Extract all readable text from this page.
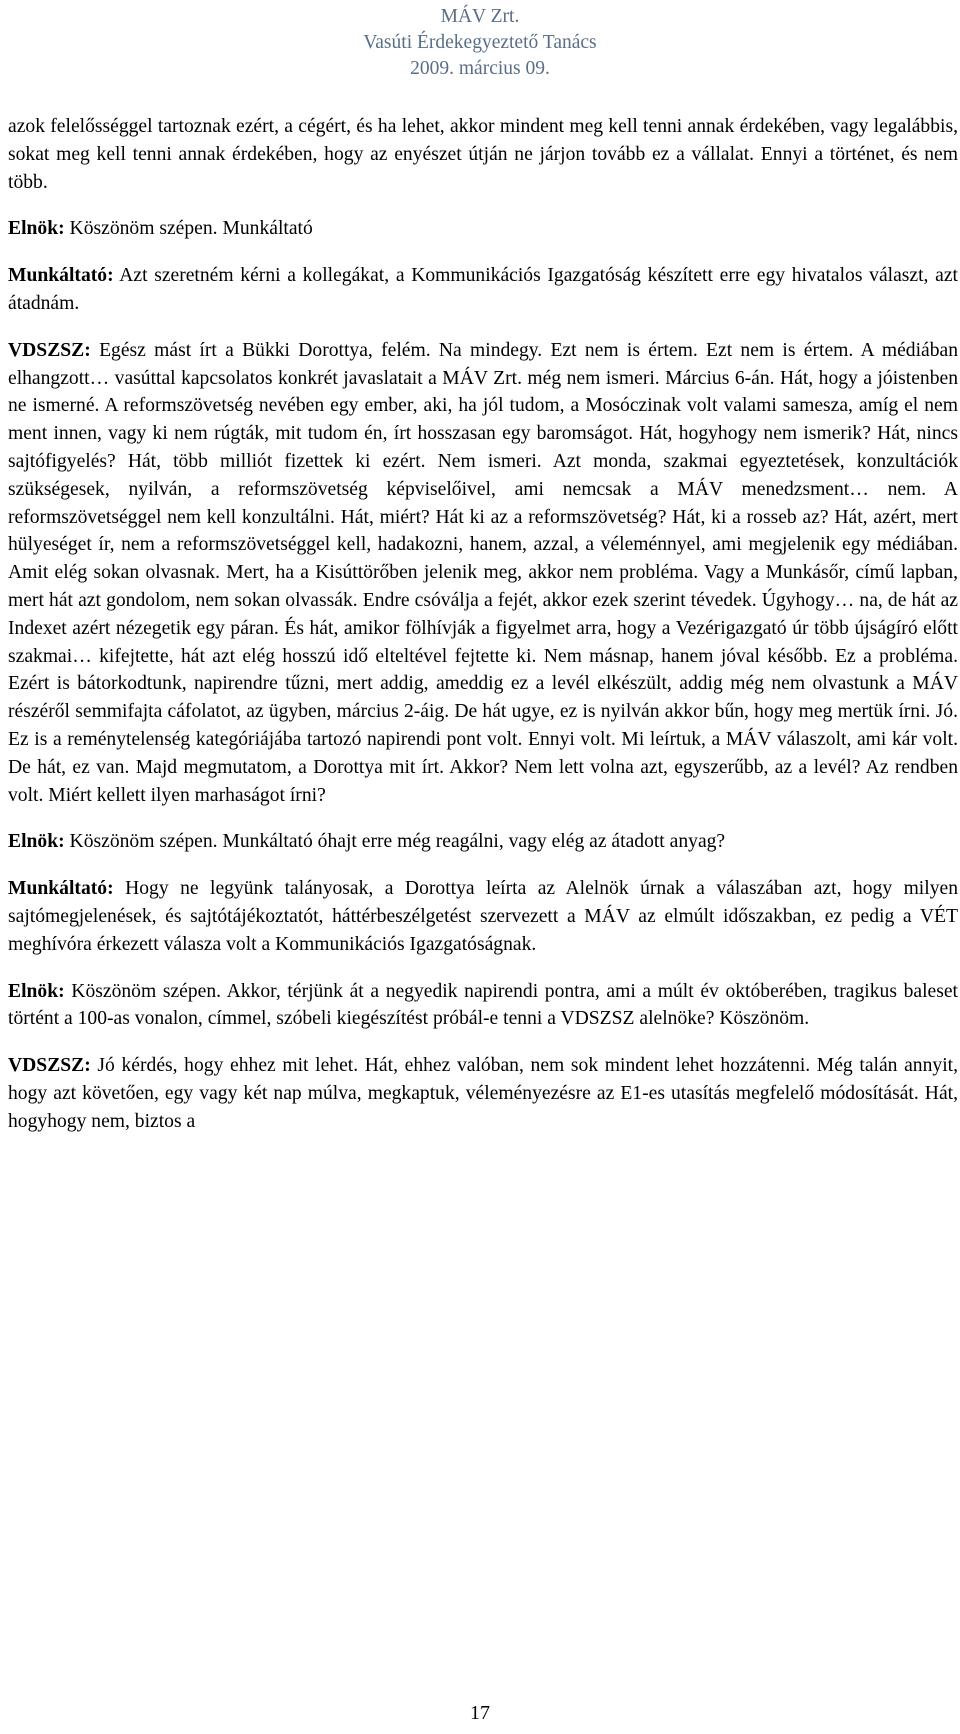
MÁV Zrt.
Vasúti Érdekegyeztető Tanács
2009. március 09.

azok felelősséggel tartoznak ezért, a cégért, és ha lehet, akkor mindent meg kell tenni annak érdekében, vagy legalábbis, sokat meg kell tenni annak érdekében, hogy az enyészet útján ne járjon tovább ez a vállalat. Ennyi a történet, és nem több.

Elnök: Köszönöm szépen. Munkáltató

Munkáltató: Azt szeretném kérni a kollegákat, a Kommunikációs Igazgatóság készített erre egy hivatalos választ, azt átadnám.

VDSZSZ: Egész mást írt a Bükki Dorottya, felém. Na mindegy. Ezt nem is értem. Ezt nem is értem. A médiában elhangzott… vasúttal kapcsolatos konkrét javaslatait a MÁV Zrt. még nem ismeri. Március 6-án. Hát, hogy a jóistenben ne ismerné. A reformszövetség nevében egy ember, aki, ha jól tudom, a Mosóczinak volt valami samesza, amíg el nem ment innen, vagy ki nem rúgták, mit tudom én, írt hosszasan egy baromságot. Hát, hogyhogy nem ismerik? Hát, nincs sajtófigyelés? Hát, több milliót fizettek ki ezért. Nem ismeri. Azt monda, szakmai egyeztetések, konzultációk szükségesek, nyilván, a reformszövetség képviselőivel, ami nemcsak a MÁV menedzsment… nem. A reformszövetséggel nem kell konzultálni. Hát, miért? Hát ki az a reformszövetség? Hát, ki a rosseb az? Hát, azért, mert hülyeséget ír, nem a reformszövetséggel kell, hadakozni, hanem, azzal, a véleménnyel, ami megjelenik egy médiában. Amit elég sokan olvasnak. Mert, ha a Kisúttörőben jelenik meg, akkor nem probléma. Vagy a Munkásőr, című lapban, mert hát azt gondolom, nem sokan olvassák. Endre csóválja a fejét, akkor ezek szerint tévedek. Úgyhogy… na, de hát az Indexet azért nézegetik egy páran. És hát, amikor fölhívják a figyelmet arra, hogy a Vezérigazgató úr több újságíró előtt szakmai… kifejtette, hát azt elég hosszú idő elteltével fejtette ki. Nem másnap, hanem jóval később. Ez a probléma. Ezért is bátorkodtunk, napirendre tűzni, mert addig, ameddig ez a levél elkészült, addig még nem olvastunk a MÁV részéről semmifajta cáfolatot, az ügyben, március 2-áig. De hát ugye, ez is nyilván akkor bűn, hogy meg mertük írni. Jó. Ez is a reménytelenség kategóriájába tartozó napirendi pont volt. Ennyi volt. Mi leírtuk, a MÁV válaszolt, ami kár volt. De hát, ez van. Majd megmutatom, a Dorottya mit írt. Akkor? Nem lett volna azt, egyszerűbb, az a levél? Az rendben volt. Miért kellett ilyen marhaságot írni?

Elnök: Köszönöm szépen. Munkáltató óhajt erre még reagálni, vagy elég az átadott anyag?

Munkáltató: Hogy ne legyünk talányosak, a Dorottya leírta az Alelnök úrnak a válaszában azt, hogy milyen sajtómegjelenések, és sajtótájékoztatót, háttérbeszélgetést szervezett a MÁV az elmúlt időszakban, ez pedig a VÉT meghívóra érkezett válasza volt a Kommunikációs Igazgatóságnak.

Elnök: Köszönöm szépen. Akkor, térjünk át a negyedik napirendi pontra, ami a múlt év októberében, tragikus baleset történt a 100-as vonalon, címmel, szóbeli kiegészítést próbál-e tenni a VDSZSZ alelnöke? Köszönöm.

VDSZSZ: Jó kérdés, hogy ehhez mit lehet. Hát, ehhez valóban, nem sok mindent lehet hozzátenni. Még talán annyit, hogy azt követően, egy vagy két nap múlva, megkaptuk, véleményezésre az E1-es utasítás megfelelő módosítását. Hát, hogyhogy nem, biztos a

17
